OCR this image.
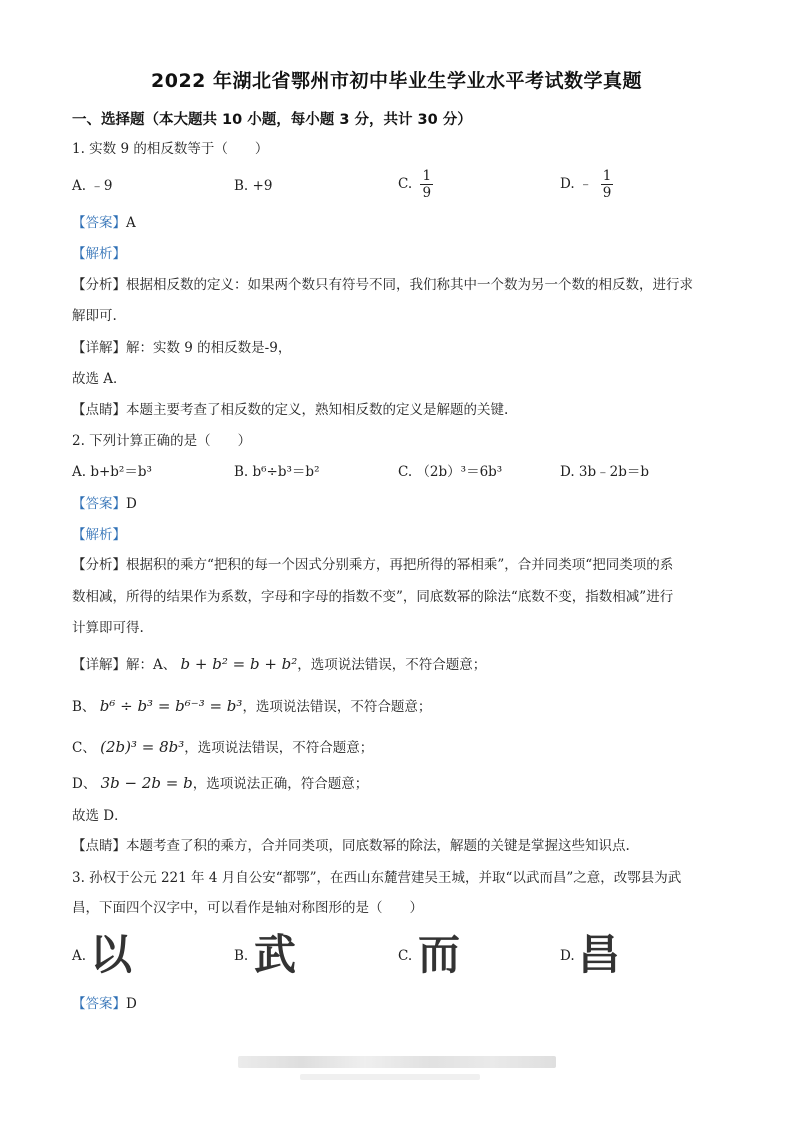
2022 年湖北省鄂州市初中毕业生学业水平考试数学真题
一、选择题（本大题共 10 小题，每小题 3 分，共计 30 分）
1. 实数 9 的相反数等于（　　）
A. ﹣9	B. +9	C. $\frac{1}{9}$	D. ﹣ $\frac{1}{9}$
【答案】A
【解析】
【分析】根据相反数的定义：如果两个数只有符号不同，我们称其中一个数为另一个数的相反数，进行求
解即可.
【详解】解：实数 9 的相反数是-9，
故选 A．
【点睛】本题主要考查了相反数的定义，熟知相反数的定义是解题的关键.
2. 下列计算正确的是（　　）
A. b+b²＝b³	B. b⁶÷b³＝b²	C. （2b）³＝6b³	D. 3b﹣2b＝b
【答案】D
【解析】
【分析】根据积的乘方“把积的每一个因式分别乘方，再把所得的幂相乘”，合并同类项“把同类项的系
数相减，所得的结果作为系数，字母和字母的指数不变”，同底数幂的除法“底数不变，指数相减”进行
计算即可得.
【详解】解：A、 b + b² = b + b²，选项说法错误，不符合题意；
B、 b⁶ ÷ b³ = b⁶⁻³ = b³，选项说法错误，不符合题意；
C、 (2b)³ = 8b³，选项说法错误，不符合题意；
D、 3b − 2b = b，选项说法正确，符合题意；
故选 D．
【点睛】本题考查了积的乘方，合并同类项，同底数幂的除法，解题的关键是掌握这些知识点.
3. 孙权于公元 221 年 4 月自公安“都鄂”，在西山东麓营建吴王城，并取“以武而昌”之意，改鄂县为武
昌，下面四个汉字中，可以看作是轴对称图形的是（　　）
A. 以	B. 武	C. 而	D. 昌
【答案】D
